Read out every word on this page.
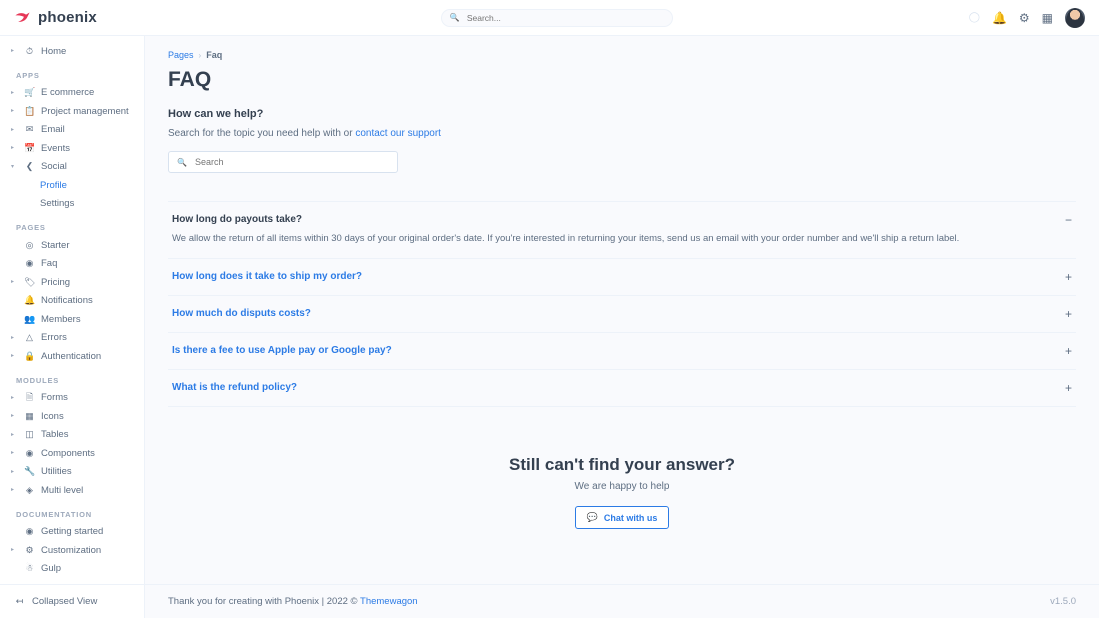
phoenix	🔍
Search...	◯ 🔔 ⚙ ▦
▸	⏱ Home
APPS
▸	🛒 E commerce
▸	📋 Project management
▸	✉ Email
▸	📅 Events
▾	❮ Social
Profile
Settings
PAGES
◎ Starter
◉ Faq
▸	🏷 Pricing
🔔 Notifications
👥 Members
▸	△ Errors
▸	🔒 Authentication
MODULES
▸	🗎 Forms
▸	▦ Icons
▸	◫ Tables
▸	◉ Components
▸	🔧 Utilities
▸	◈ Multi level
DOCUMENTATION
◉ Getting started
▸	⚙ Customization
☃ Gulp
↤ Collapsed View
Pages › Faq
FAQ
How can we help?
Search for the topic you need help with or contact our support
🔍
Search
How long do payouts take?	−
We allow the return of all items within 30 days of your original order's date. If you're interested in returning your items, send us an email with your order number and we'll ship a return label.
How long does it take to ship my order?	+
How much do disputs costs?	+
Is there a fee to use Apple pay or Google pay?	+
What is the refund policy?	+
Still can't find your answer?

We are happy to help

💬 Chat with us
Thank you for creating with Phoenix | 2022 © Themewagon	v1.5.0
